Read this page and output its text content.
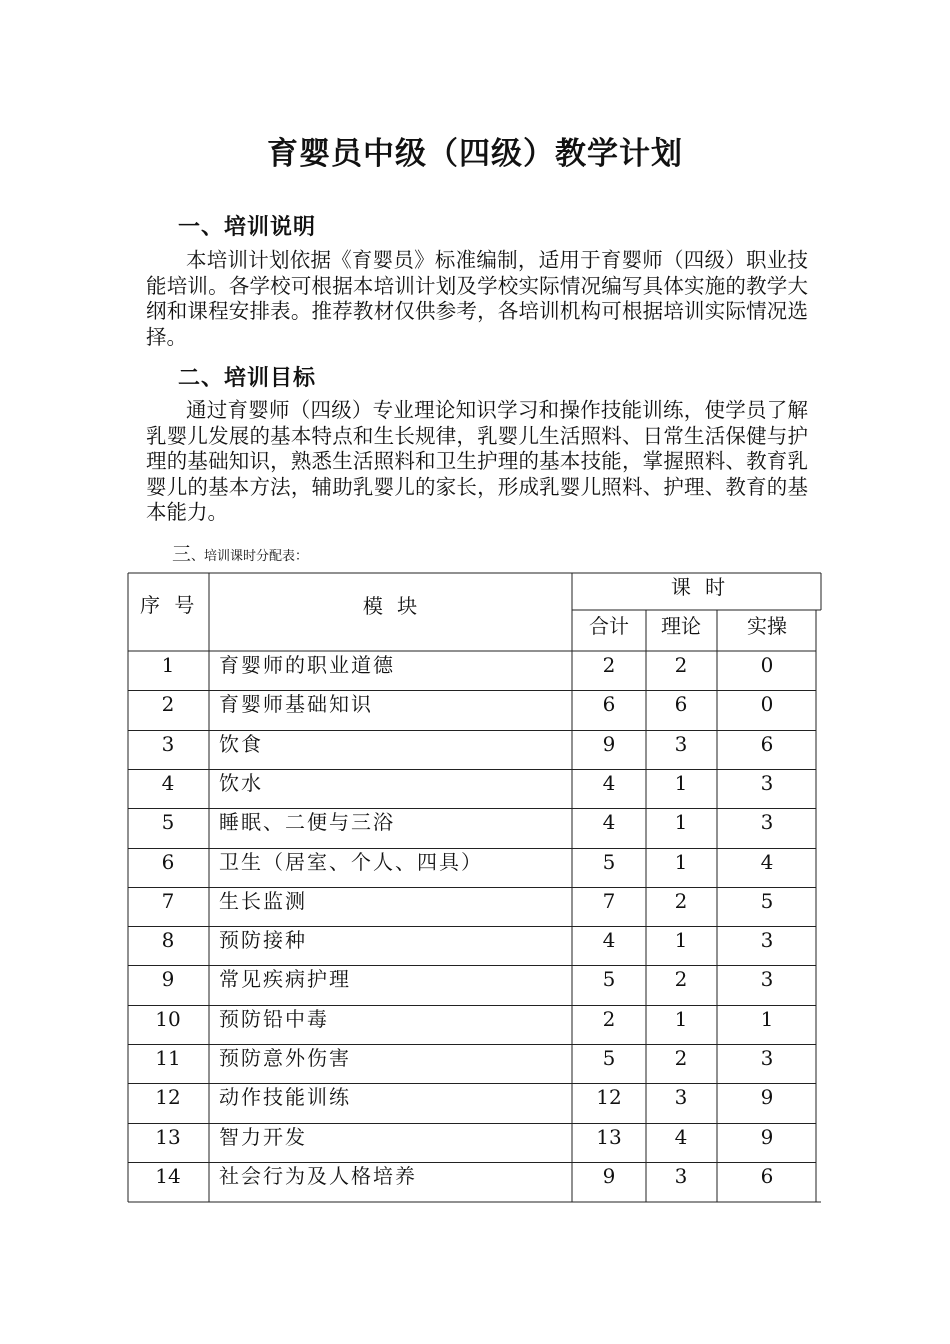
育婴员中级（四级）教学计划
一、培训说明

本培训计划依据《育婴员》标准编制，适用于育婴师（四级）职业技能培训。各学校可根据本培训计划及学校实际情况编写具体实施的教学大纲和课程安排表。推荐教材仅供参考，各培训机构可根据培训实际情况选择。

二、培训目标

通过育婴师（四级）专业理论知识学习和操作技能训练，使学员了解乳婴儿发展的基本特点和生长规律，乳婴儿生活照料、日常生活保健与护理的基础知识，熟悉生活照料和卫生护理的基本技能，掌握照料、教育乳婴儿的基本方法，辅助乳婴儿的家长，形成乳婴儿照料、护理、教育的基本能力。

三、培训课时分配表：
序 号	模 块
课 时
合计 理论 实操
1 育婴师的职业道德	2	2	0
2 育婴师基础知识	6	6	0
3 饮食	9	3	6
4 饮水	4	1	3
5 睡眠、二便与三浴	4	1	3
6 卫生（居室、个人、四具）	5	1	4
7 生长监测	7	2	5
8 预防接种	4	1	3
9 常见疾病护理	5	2	3
10 预防铅中毒	2	1	1
11 预防意外伤害	5	2	3
12 动作技能训练	12	3	9
13 智力开发	13	4	9
14 社会行为及人格培养	9	3	6
